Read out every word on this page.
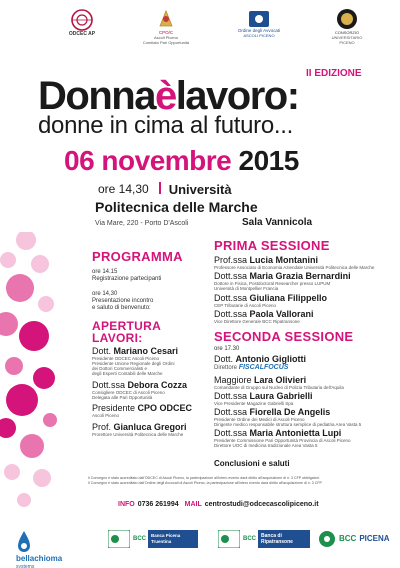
ODCEC AP	CPO/C
Ascoli Piceno
Comitato Pari Opportunità
Ordine degli Avvocati
ASCOLI PICENO
CONSORZIO
UNIVERSITARIO
PICENO
II EDIZIONE
Donnaèlavoro:
donne in cima al futuro...
06 novembre 2015
$^{ore 14,30}$ $^{Università}$
Politecnica delle Marche
Via Mare, 220 - Porto D'Ascoli	Sala Vannicola
PROGRAMMA
ore 14.15
Registrazione partecipanti
ore 14,30
Presentazione incontro
e saluto di benvenuto:
APERTURA
LAVORI:
Dott. Mariano Cesari
Presidente ODCEC Ascoli Piceno
Presidente Unione Regionale degli Ordini
dei Dottori Commercialisti e
degli Esperti Contabili delle Marche
Dott.ssa Debora Cozza
Consigliere ODCEC di Ascoli Piceno
Delegata alle Pari Opportunità
Presidente CPO ODCEC
Ascoli Piceno
Prof. Gianluca Gregori
Prorettore Università Politecnica delle Marche
PRIMA SESSIONE
Prof.ssa Lucia Montanini
Professore Associato di Economia Aziendale Università Politecnica delle Marche
Dott.ssa Maria Grazia Bernardini
Dottore in Fisica, Postdoctoral Researcher presso LUPUM
Università di Montpellier Francia
Dott.ssa Giuliana Filippello
CEP Tributarie di Ascoli Piceno
Dott.ssa Paola Vallorani
Vice Direttore Generale BCC Ripatransone
SECONDA SESSIONE
ore 17.30
Dott. Antonio Gigliotti
Direttore FISCALFOCUS
Maggiore Lara Olivieri
Comandante di Gruppo sul Nucleo di Polizia Tributaria dell'Aquila
Dott.ssa Laura Gabrielli
Vice Presidente Magazine Gabrielli Spa
Dott.ssa Fiorella De Angelis
Presidente Ordine dei Medici di Ascoli Piceno
Dirigente medico responsabile struttura semplice di pediatria Area Vasta 5
Dott.ssa Maria Antonietta Lupi
Presidente Commissione Pari Opportunità Provincia di Ascoli Piceno
Direttore UOC di medicina tradizionale Area Vasta 5
Conclusioni e saluti

Il Convegno è stato accreditato dall'ODCEC di Ascoli Piceno, la partecipazione all'intero evento darà diritto all'acquisizione di n. 3 CFP obbligatori.

Il Convegno è stato accreditato dall'Ordine degli Avvocati di Ascoli Piceno, la partecipazione all'intero evento darà diritto all'acquisizione di n. 3 CFP

INFO 0736 261994 MAIL centrostudi@odcecascolipiceno.it
bellachioma
systems
BCC
Banca Picena Truentina	BCC	Banca di Ripatransone	BCC PICENA
